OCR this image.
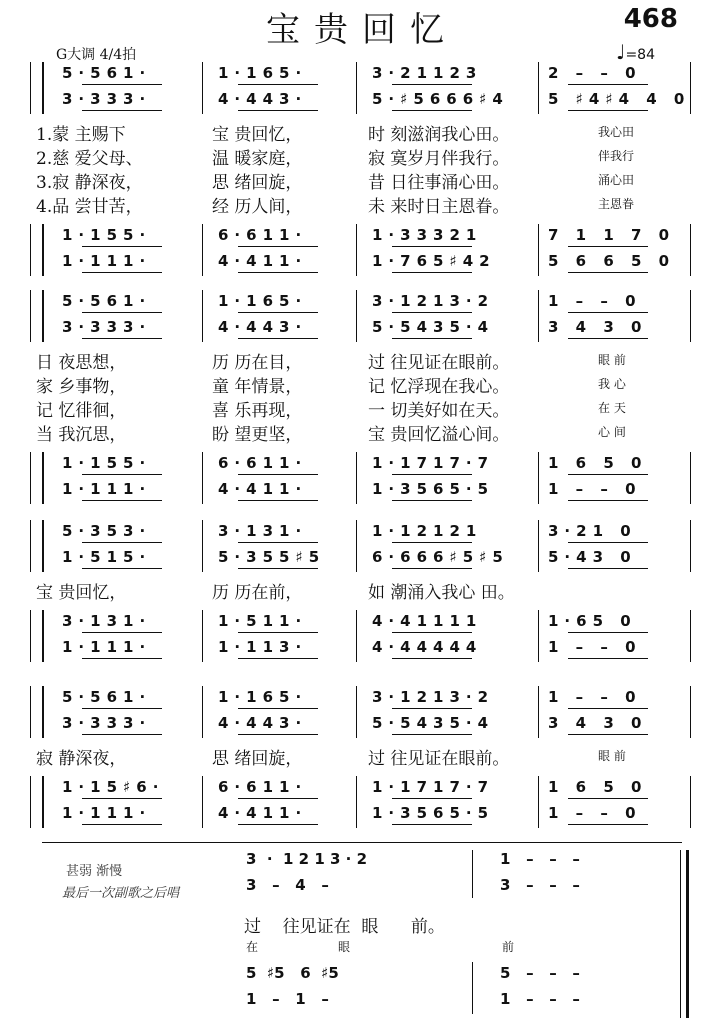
宝贵回忆	468
G大调 4/4拍	♩=84
5·561·	1·165·	3·21123	2 – – 0
3·333·	4·443·	5·♯5666♯4	5 ♯4♯4 4 0
1·155·	6·611·	1·33321	7 1 1 7 0
1·111·	4·411·	1·765♯42	5 6 6 5 0
1.蒙 主赐下	宝 贵回忆，	时 刻滋润我心田。	我心田
2.慈 爱父母、	温 暖家庭，	寂 寞岁月伴我行。	伴我行
3.寂 静深夜，	思 绪回旋，	昔 日往事涌心田。	涌心田
4.品 尝甘苦，	经 历人间，	未 来时日主恩眷。	主恩眷
5·561·	1·165·	3·1213·2	1 – – 0
3·333·	4·443·	5·5435·4	3 4 3 0
1·155·	6·611·	1·1717·7	1 6 5 0
1·111·	4·411·	1·3565·5	1 – – 0
日 夜思想，	历 历在目，	过 往见证在眼前。	眼 前
家 乡事物，	童 年情景，	记 忆浮现在我心。	我 心
记 忆徘徊，	喜 乐再现，	一 切美好如在天。	在 天
当 我沉思，	盼 望更坚，	宝 贵回忆溢心间。	心 间
5·353·	3·131·	1·12121	3·21 0
1·515·	5·355♯5	6·666♯5♯5	5·43 0
3·131·	1·511·	4·41111	1·65 0
1·111·	1·113·	4·44444	1 – – 0
宝 贵回忆，	历 历在前，	如 潮涌入我心 田。
5·561·	1·165·	3·1213·2	1 – – 0
3·333·	4·443·	5·5435·4	3 4 3 0
1·15♯6·	6·611·	1·1717·7	1 6 5 0
1·111·	4·411·	1·3565·5	1 – – 0
寂 静深夜，	思 绪回旋，	过 往见证在眼前。	眼 前
甚弱 渐慢
最后一次副歌之后唱
3  ·  1 2 1 3 · 2	1   –   –   –
3   –   4   –	3   –   –   –
过    往见证在  眼      前。
在	眼	前
5  ♯5   6  ♯5	5   –   –   –
1   –   1   –	1   –   –   –
